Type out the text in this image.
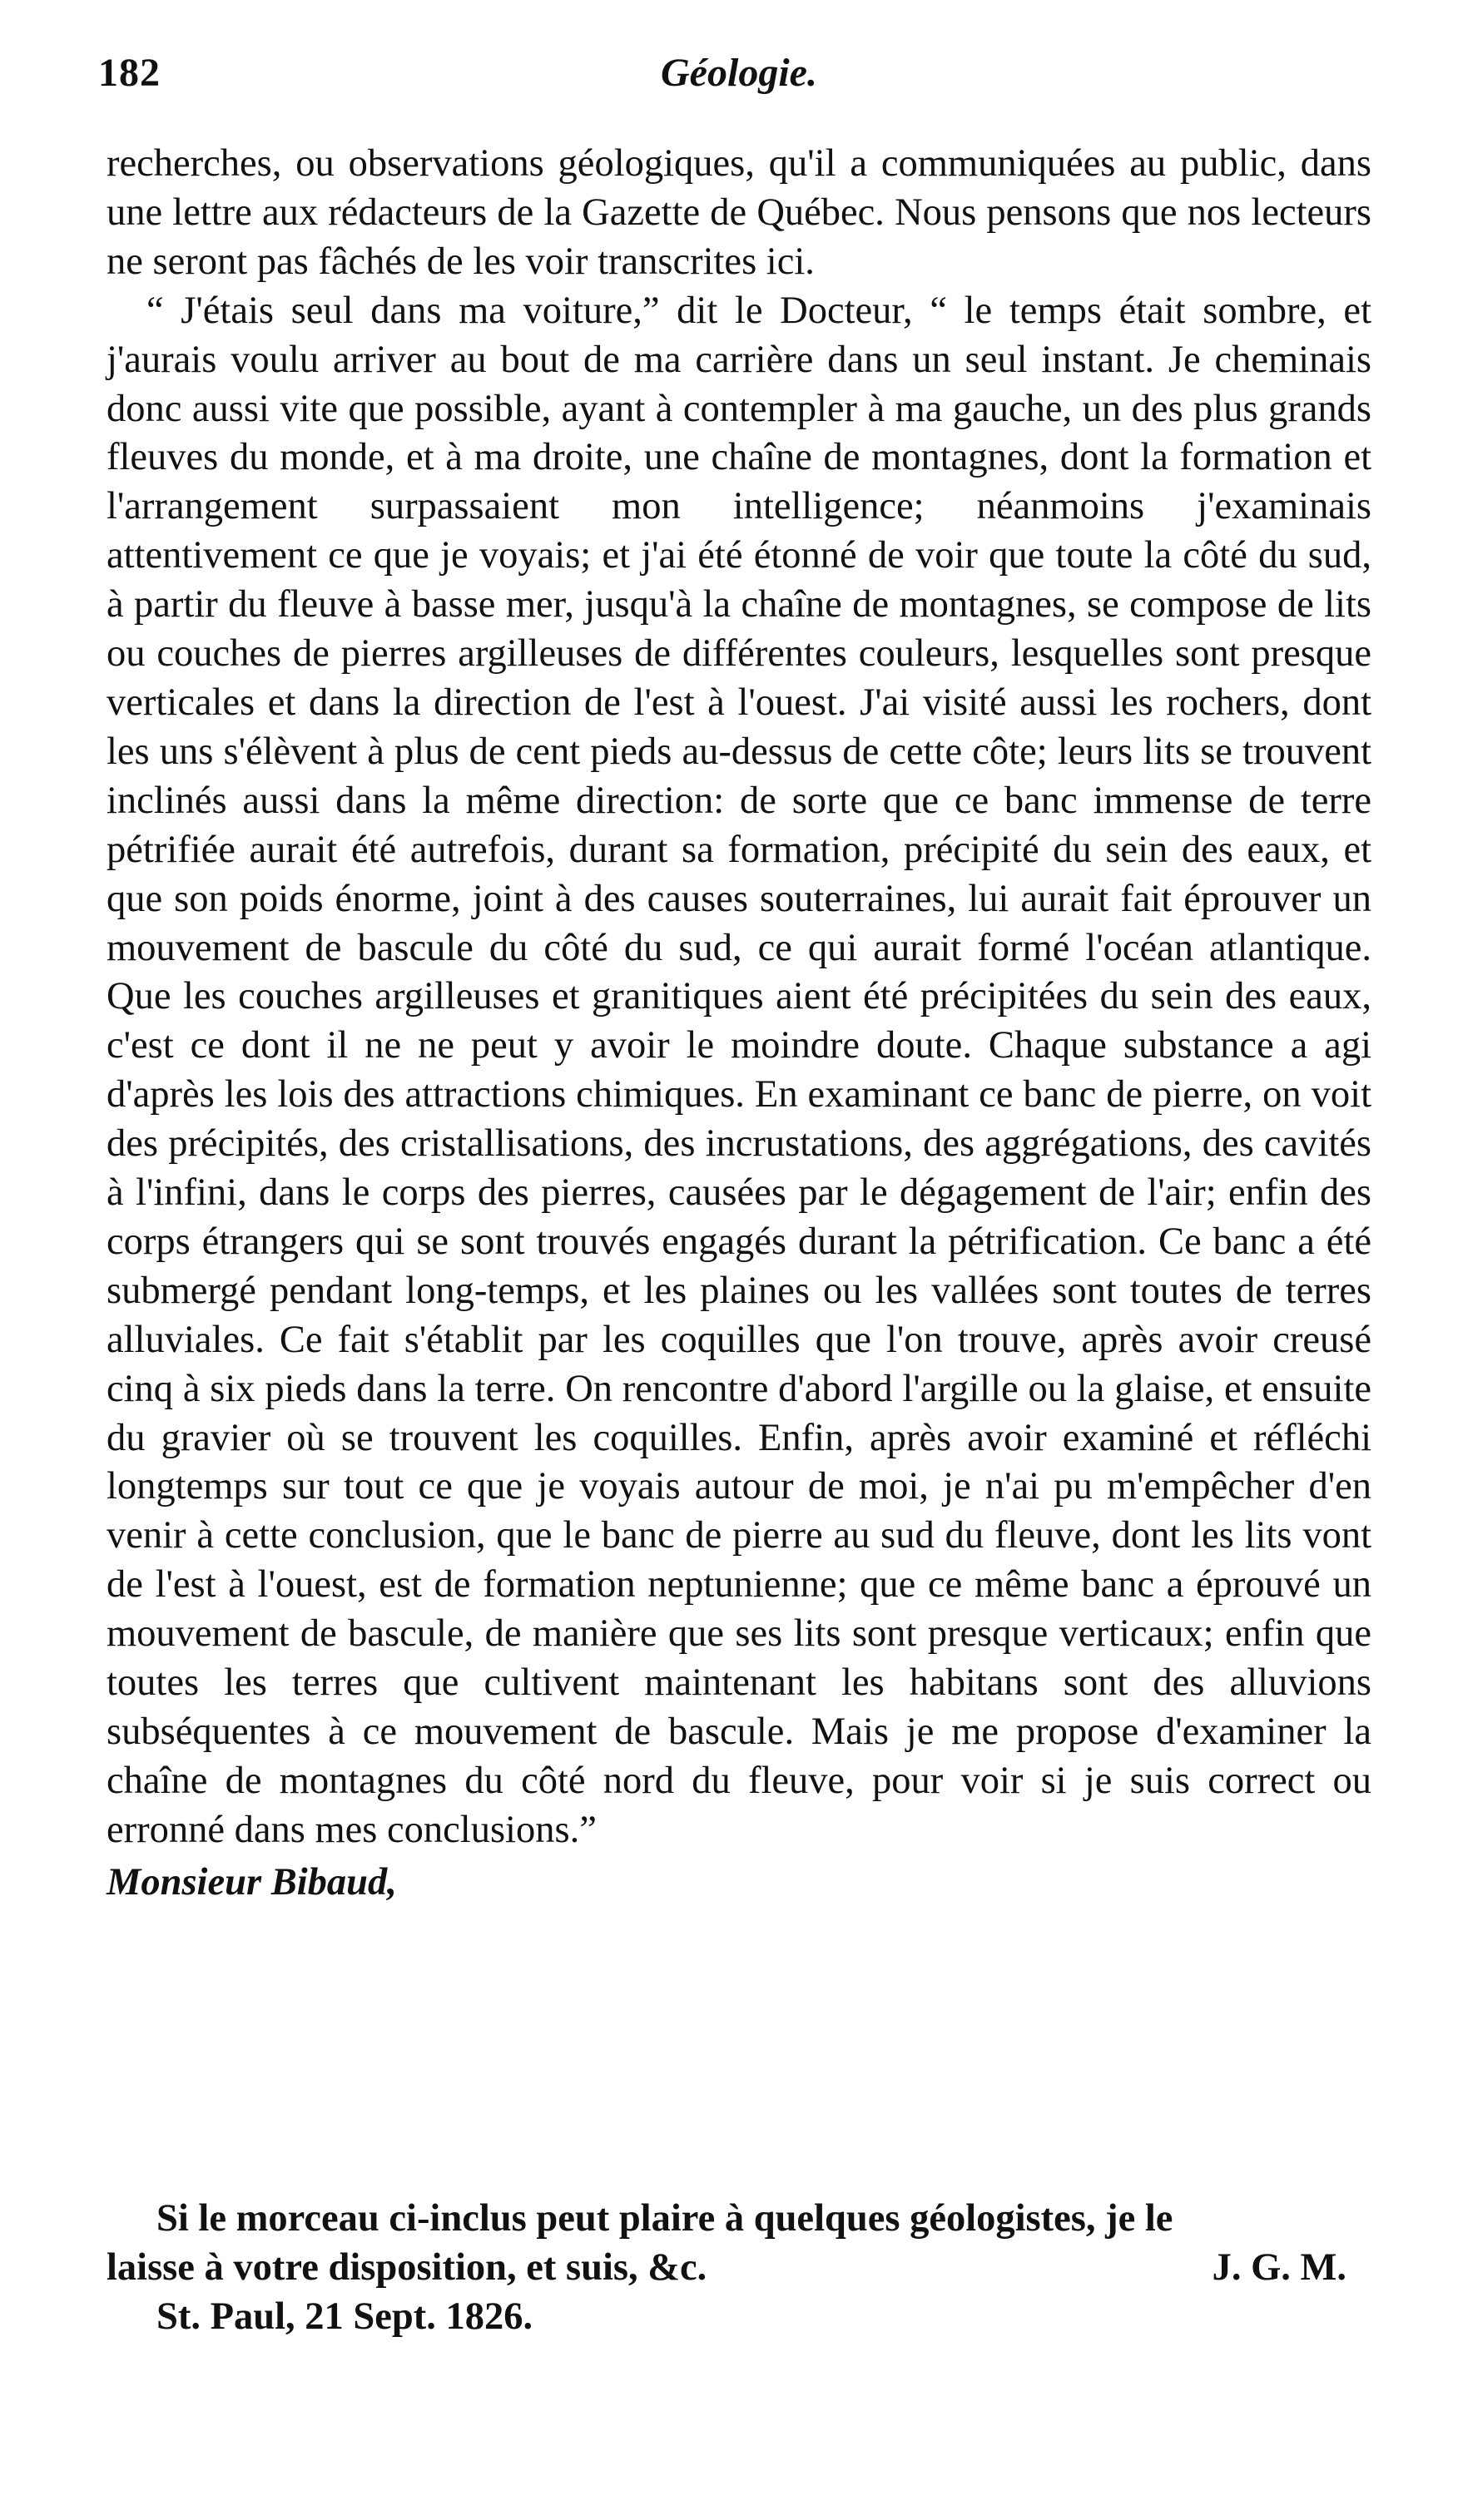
182	Géologie.

recherches, ou observations géologiques, qu'il a communiquées au public, dans une lettre aux rédacteurs de la Gazette de Québec. Nous pensons que nos lecteurs ne seront pas fâchés de les voir transcrites ici.

“ J'étais seul dans ma voiture,” dit le Docteur, “ le temps était sombre, et j'aurais voulu arriver au bout de ma carrière dans un seul instant. Je cheminais donc aussi vite que possible, ayant à contempler à ma gauche, un des plus grands fleuves du monde, et à ma droite, une chaîne de montagnes, dont la formation et l'arrangement surpassaient mon intelligence; néanmoins j'examinais attentivement ce que je voyais; et j'ai été étonné de voir que toute la côté du sud, à partir du fleuve à basse mer, jusqu'à la chaîne de montagnes, se compose de lits ou couches de pierres argilleuses de différentes couleurs, lesquelles sont presque verticales et dans la direction de l'est à l'ouest. J'ai visité aussi les rochers, dont les uns s'élèvent à plus de cent pieds au-dessus de cette côte; leurs lits se trouvent inclinés aussi dans la même direction: de sorte que ce banc immense de terre pétrifiée aurait été autrefois, durant sa formation, précipité du sein des eaux, et que son poids énorme, joint à des causes souterraines, lui aurait fait éprouver un mouvement de bascule du côté du sud, ce qui aurait formé l'océan atlantique. Que les couches argilleuses et granitiques aient été précipitées du sein des eaux, c'est ce dont il ne ne peut y avoir le moindre doute. Chaque substance a agi d'après les lois des attractions chimiques. En examinant ce banc de pierre, on voit des précipités, des cristallisations, des incrustations, des aggrégations, des cavités à l'infini, dans le corps des pierres, causées par le dégagement de l'air; enfin des corps étrangers qui se sont trouvés engagés durant la pétrification. Ce banc a été submergé pendant long-temps, et les plaines ou les vallées sont toutes de terres alluviales. Ce fait s'établit par les coquilles que l'on trouve, après avoir creusé cinq à six pieds dans la terre. On rencontre d'abord l'argille ou la glaise, et ensuite du gravier où se trouvent les coquilles. Enfin, après avoir examiné et réfléchi longtemps sur tout ce que je voyais autour de moi, je n'ai pu m'empêcher d'en venir à cette conclusion, que le banc de pierre au sud du fleuve, dont les lits vont de l'est à l'ouest, est de formation neptunienne; que ce même banc a éprouvé un mouvement de bascule, de manière que ses lits sont presque verticaux; enfin que toutes les terres que cultivent maintenant les habitans sont des alluvions subséquentes à ce mouvement de bascule. Mais je me propose d'examiner la chaîne de montagnes du côté nord du fleuve, pour voir si je suis correct ou erronné dans mes conclusions.”

Monsieur Bibaud,

Si le morceau ci-inclus peut plaire à quelques géologistes, je le

laisse à votre disposition, et suis, &c.	J. G. M.

St. Paul, 21 Sept. 1826.
